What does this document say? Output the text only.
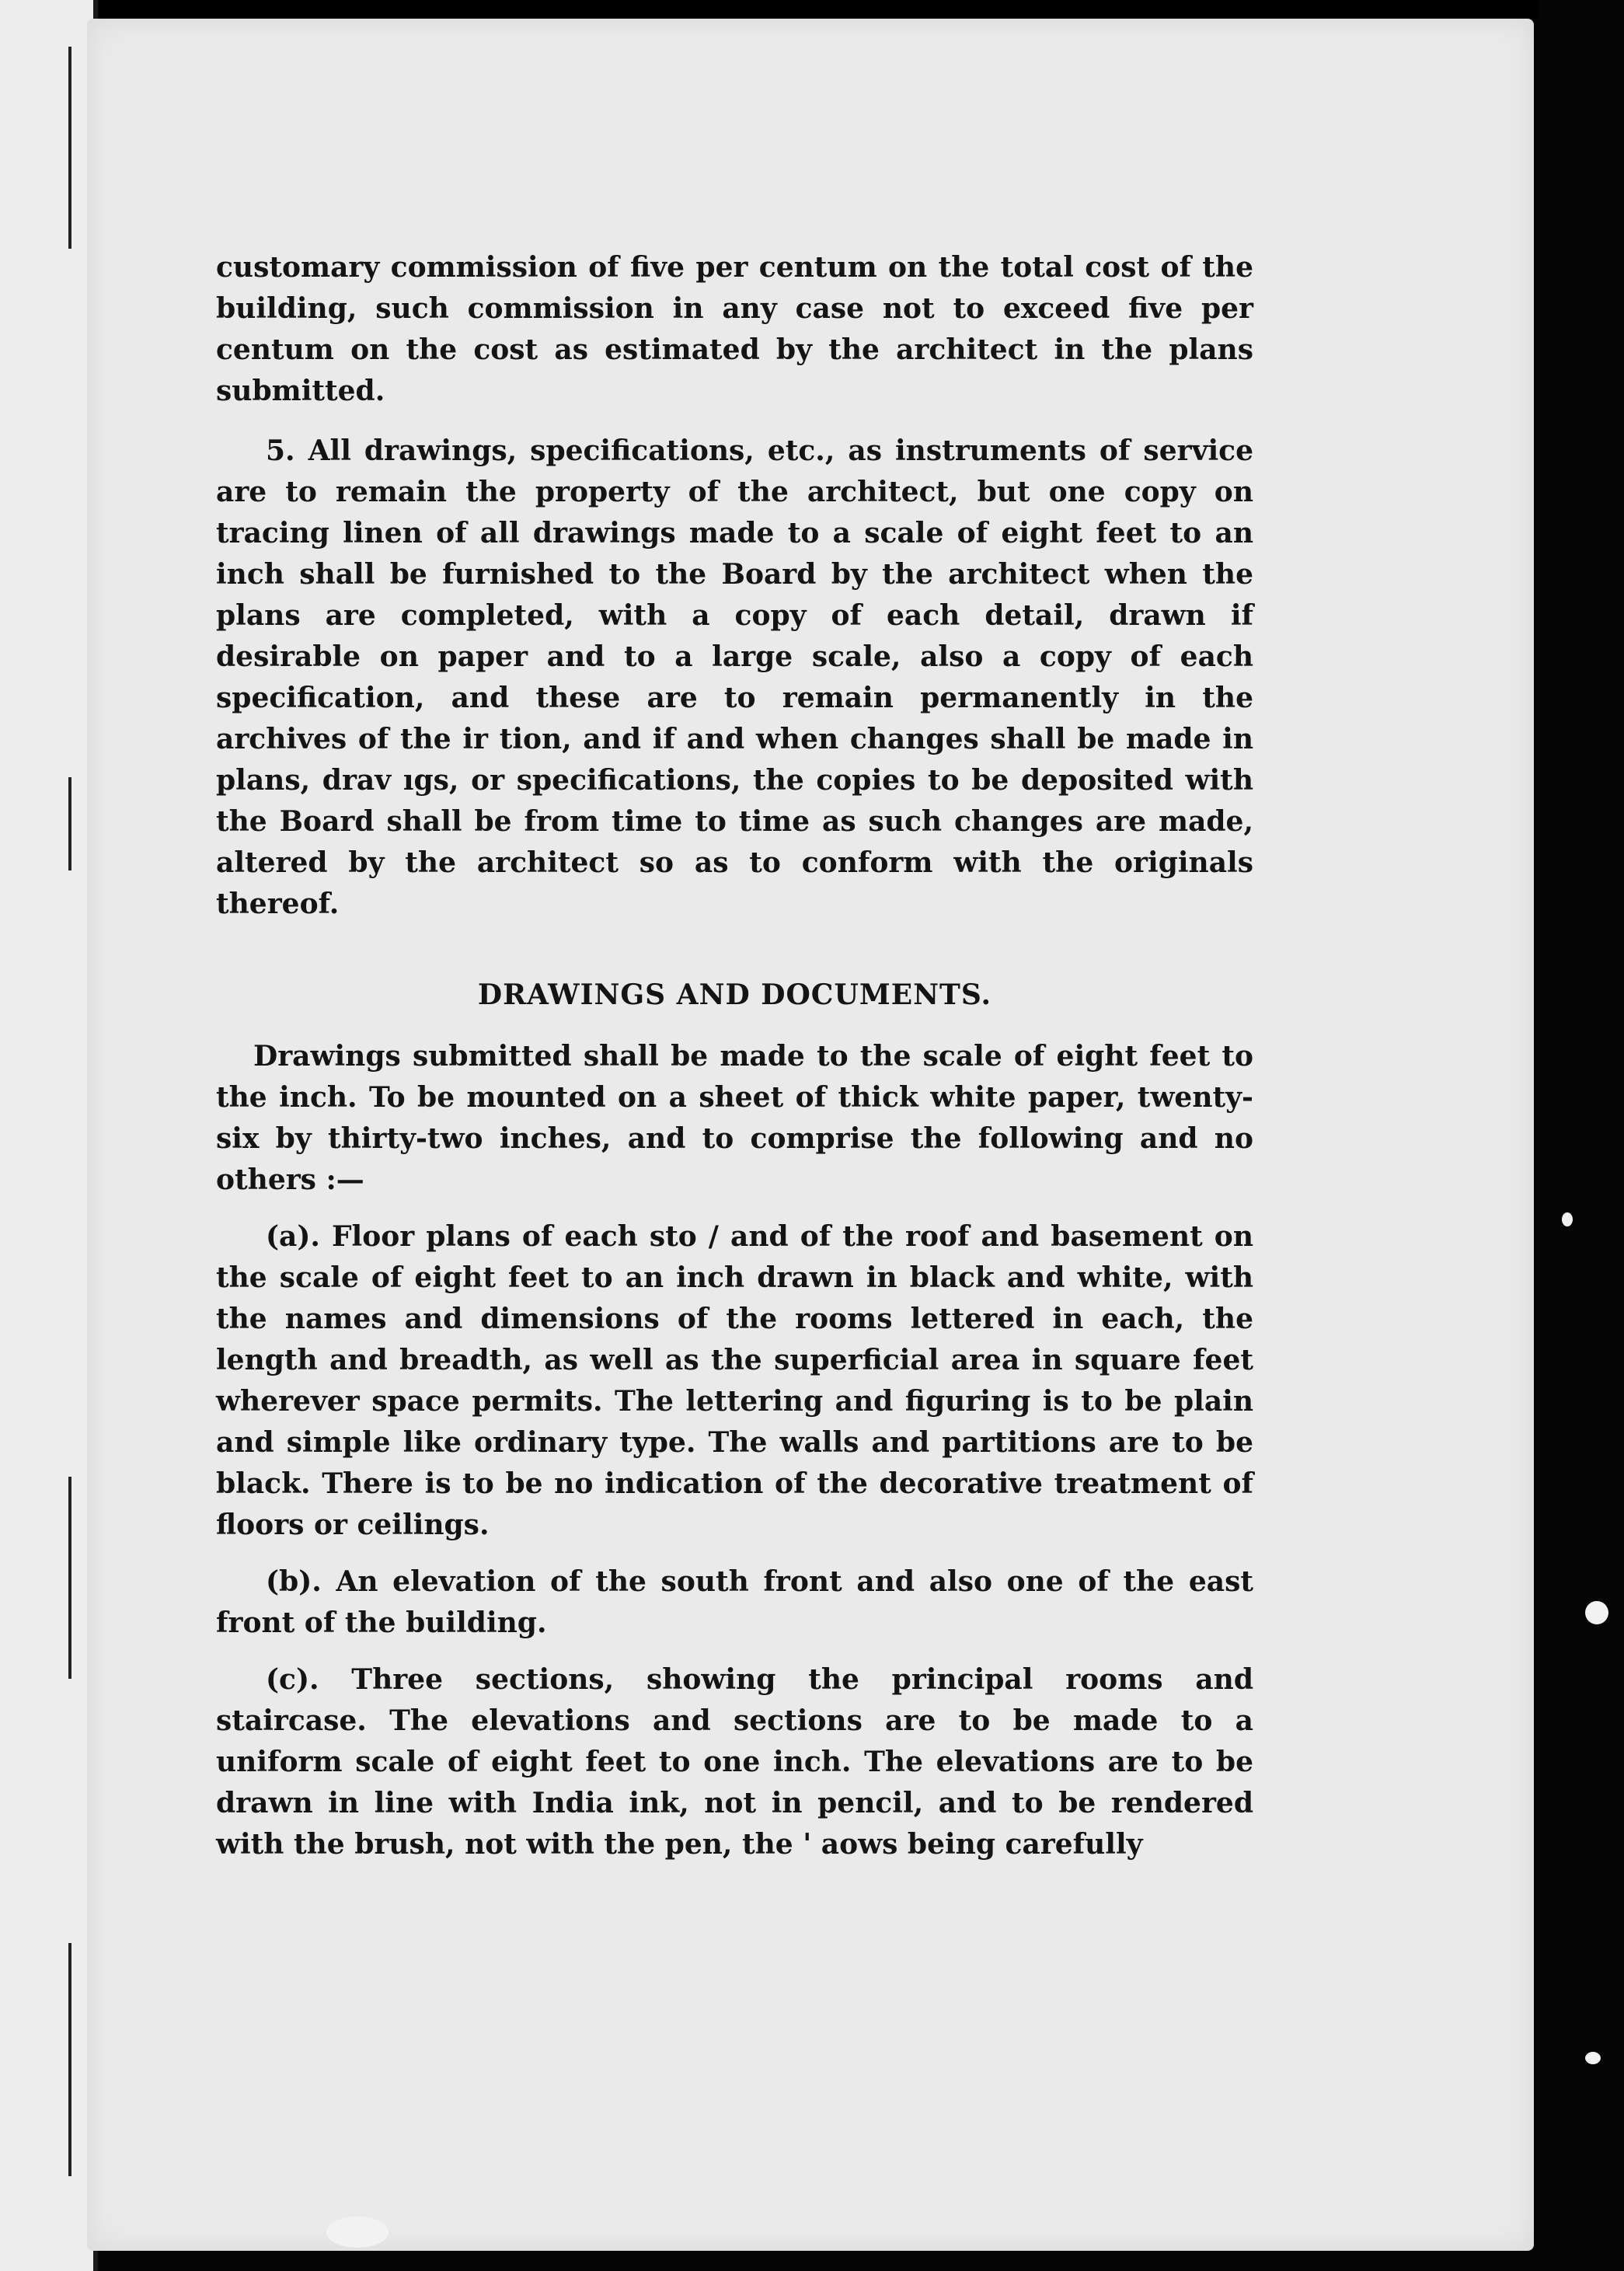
customary commission of five per centum on the total cost of the building, such commission in any case not to exceed five per centum on the cost as estimated by the architect in the plans submitted.

5. All drawings, specifications, etc., as instruments of service are to remain the property of the architect, but one copy on tracing linen of all drawings made to a scale of eight feet to an inch shall be furnished to the Board by the architect when the plans are completed, with a copy of each detail, drawn if desirable on paper and to a large scale, also a copy of each specification, and these are to remain permanently in the archives of the ir tion, and if and when changes shall be made in plans, drav ıgs, or specifications, the copies to be deposited with the Board shall be from time to time as such changes are made, altered by the architect so as to conform with the originals thereof.

DRAWINGS AND DOCUMENTS.

Drawings submitted shall be made to the scale of eight feet to the inch. To be mounted on a sheet of thick white paper, twenty-six by thirty-two inches, and to comprise the following and no others :—

(a). Floor plans of each sto / and of the roof and basement on the scale of eight feet to an inch drawn in black and white, with the names and dimensions of the rooms lettered in each, the length and breadth, as well as the superficial area in square feet wherever space permits. The lettering and figuring is to be plain and simple like ordinary type. The walls and partitions are to be black. There is to be no indication of the decorative treatment of floors or ceilings.

(b). An elevation of the south front and also one of the east front of the building.

(c). Three sections, showing the principal rooms and staircase. The elevations and sections are to be made to a uniform scale of eight feet to one inch. The elevations are to be drawn in line with India ink, not in pencil, and to be rendered with the brush, not with the pen, the ' aows being carefully
